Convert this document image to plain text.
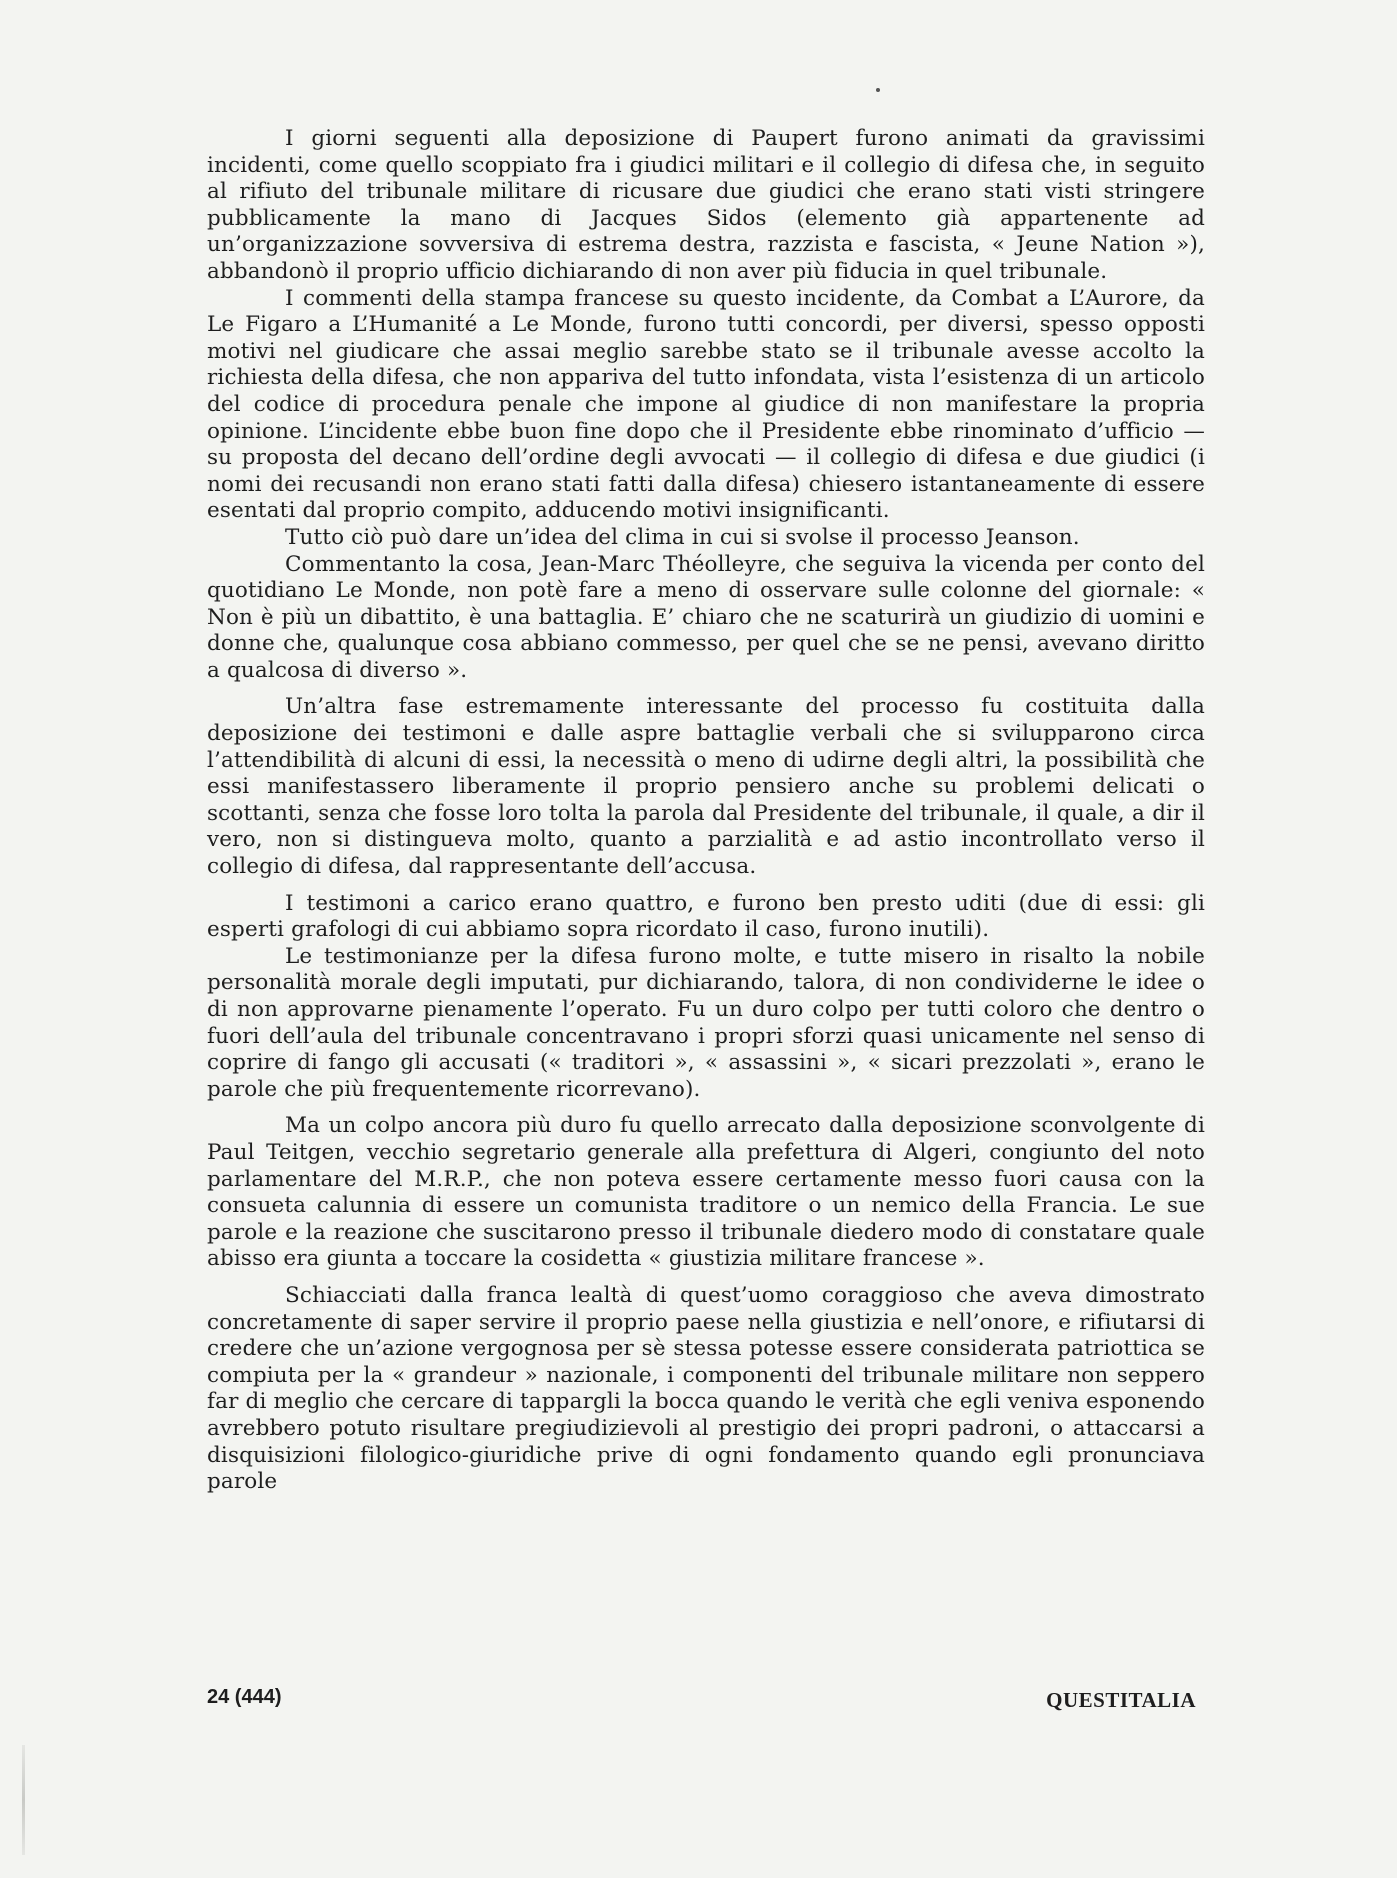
I giorni seguenti alla deposizione di Paupert furono animati da gravissimi incidenti, come quello scoppiato fra i giudici militari e il collegio di difesa che, in seguito al rifiuto del tribunale militare di ricusare due giudici che erano stati visti stringere pubblicamente la mano di Jacques Sidos (elemento già appartenente ad un’organizzazione sovversiva di estrema destra, razzista e fascista, « Jeune Nation »), abbandonò il proprio ufficio dichiarando di non aver più fiducia in quel tribunale.

I commenti della stampa francese su questo incidente, da Combat a L’Aurore, da Le Figaro a L’Humanité a Le Monde, furono tutti concordi, per diversi, spesso opposti motivi nel giudicare che assai meglio sarebbe stato se il tribunale avesse accolto la richiesta della difesa, che non appariva del tutto infondata, vista l’esistenza di un articolo del codice di procedura penale che impone al giudice di non manifestare la propria opinione. L’incidente ebbe buon fine dopo che il Presidente ebbe rinominato d’ufficio — su proposta del decano dell’ordine degli avvocati — il collegio di difesa e due giudici (i nomi dei recusandi non erano stati fatti dalla difesa) chiesero istantaneamente di essere esentati dal proprio compito, adducendo motivi insignificanti.

Tutto ciò può dare un’idea del clima in cui si svolse il processo Jeanson.

Commentanto la cosa, Jean-Marc Théolleyre, che seguiva la vicenda per conto del quotidiano Le Monde, non potè fare a meno di osservare sulle colonne del giornale: « Non è più un dibattito, è una battaglia. E’ chiaro che ne scaturirà un giudizio di uomini e donne che, qualunque cosa abbiano commesso, per quel che se ne pensi, avevano diritto a qualcosa di diverso ».

Un’altra fase estremamente interessante del processo fu costituita dalla deposizione dei testimoni e dalle aspre battaglie verbali che si svilupparono circa l’attendibilità di alcuni di essi, la necessità o meno di udirne degli altri, la possibilità che essi manifestassero liberamente il proprio pensiero anche su problemi delicati o scottanti, senza che fosse loro tolta la parola dal Presidente del tribunale, il quale, a dir il vero, non si distingueva molto, quanto a parzialità e ad astio incontrollato verso il collegio di difesa, dal rappresentante dell’accusa.

I testimoni a carico erano quattro, e furono ben presto uditi (due di essi: gli esperti grafologi di cui abbiamo sopra ricordato il caso, furono inutili).

Le testimonianze per la difesa furono molte, e tutte misero in risalto la nobile personalità morale degli imputati, pur dichiarando, talora, di non condividerne le idee o di non approvarne pienamente l’operato. Fu un duro colpo per tutti coloro che dentro o fuori dell’aula del tribunale concentravano i propri sforzi quasi unicamente nel senso di coprire di fango gli accusati (« traditori », « assassini », « sicari prezzolati », erano le parole che più frequentemente ricorrevano).

Ma un colpo ancora più duro fu quello arrecato dalla deposizione sconvolgente di Paul Teitgen, vecchio segretario generale alla prefettura di Algeri, congiunto del noto parlamentare del M.R.P., che non poteva essere certamente messo fuori causa con la consueta calunnia di essere un comunista traditore o un nemico della Francia. Le sue parole e la reazione che suscitarono presso il tribunale diedero modo di constatare quale abisso era giunta a toccare la cosidetta « giustizia militare francese ».

Schiacciati dalla franca lealtà di quest’uomo coraggioso che aveva dimostrato concretamente di saper servire il proprio paese nella giustizia e nell’onore, e rifiutarsi di credere che un’azione vergognosa per sè stessa potesse essere considerata patriottica se compiuta per la « grandeur » nazionale, i componenti del tribunale militare non seppero far di meglio che cercare di tappargli la bocca quando le verità che egli veniva esponendo avrebbero potuto risultare pregiudizievoli al prestigio dei propri padroni, o attaccarsi a disquisizioni filologico-giuridiche prive di ogni fondamento quando egli pronunciava parole

24 (444)	QUESTITALIA
